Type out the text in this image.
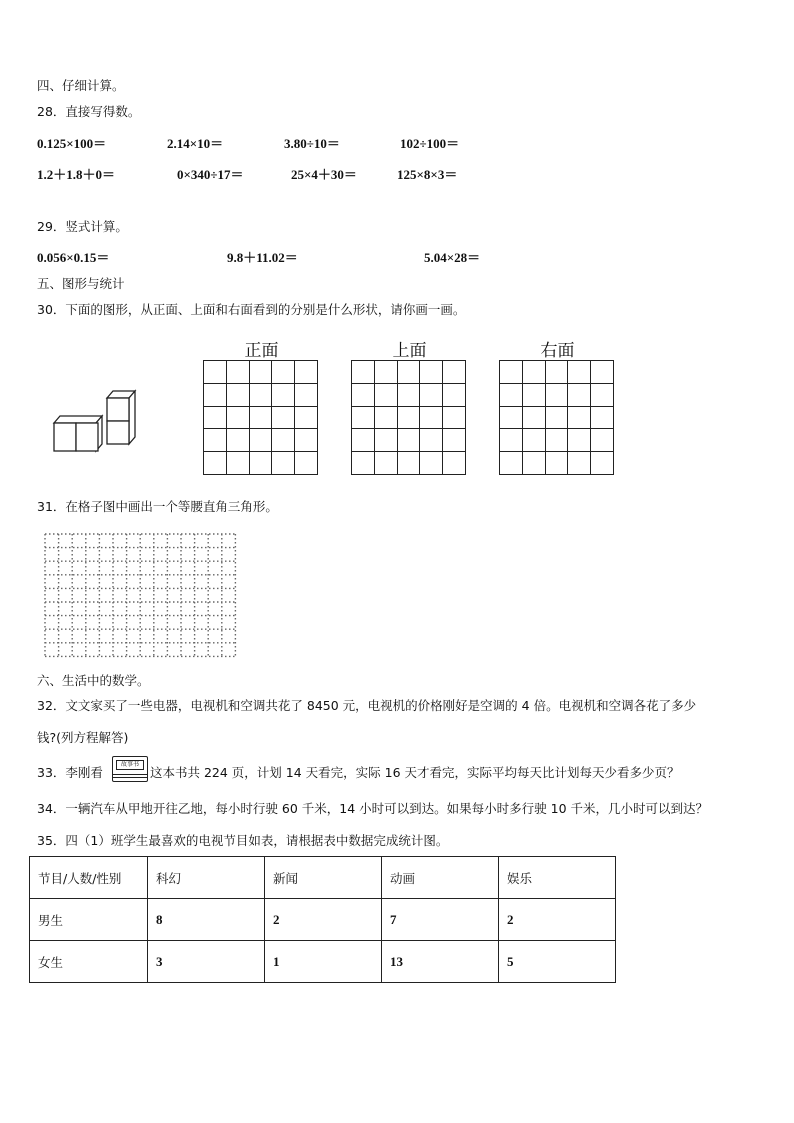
四、仔细计算。
28．直接写得数。
0.125×100＝	2.14×10＝	3.80÷10＝	102÷100＝
1.2＋1.8＋0＝	0×340÷17＝	25×4＋30＝	125×8×3＝
29．竖式计算。
0.056×0.15＝	9.8＋11.02＝	5.04×28＝
五、图形与统计
30．下面的图形，从正面、上面和右面看到的分别是什么形状，请你画一画。
正面	上面	右面

31．在格子图中画出一个等腰直角三角形。
六、生活中的数学。
32．文文家买了一些电器，电视机和空调共花了 8450 元，电视机的价格刚好是空调的 4 倍。电视机和空调各花了多少
钱?(列方程解答)
33．李刚看
故事书
这本书共 224 页，计划 14 天看完，实际 16 天才看完，实际平均每天比计划每天少看多少页？
34．一辆汽车从甲地开往乙地，每小时行驶 60 千米，14 小时可以到达。如果每小时多行驶 10 千米，几小时可以到达？
35．四（1）班学生最喜欢的电视节目如表，请根据表中数据完成统计图。
节目/人数/性别	科幻	新闻	动画	娱乐
男生	8	2	7	2
女生	3	1	13	5
